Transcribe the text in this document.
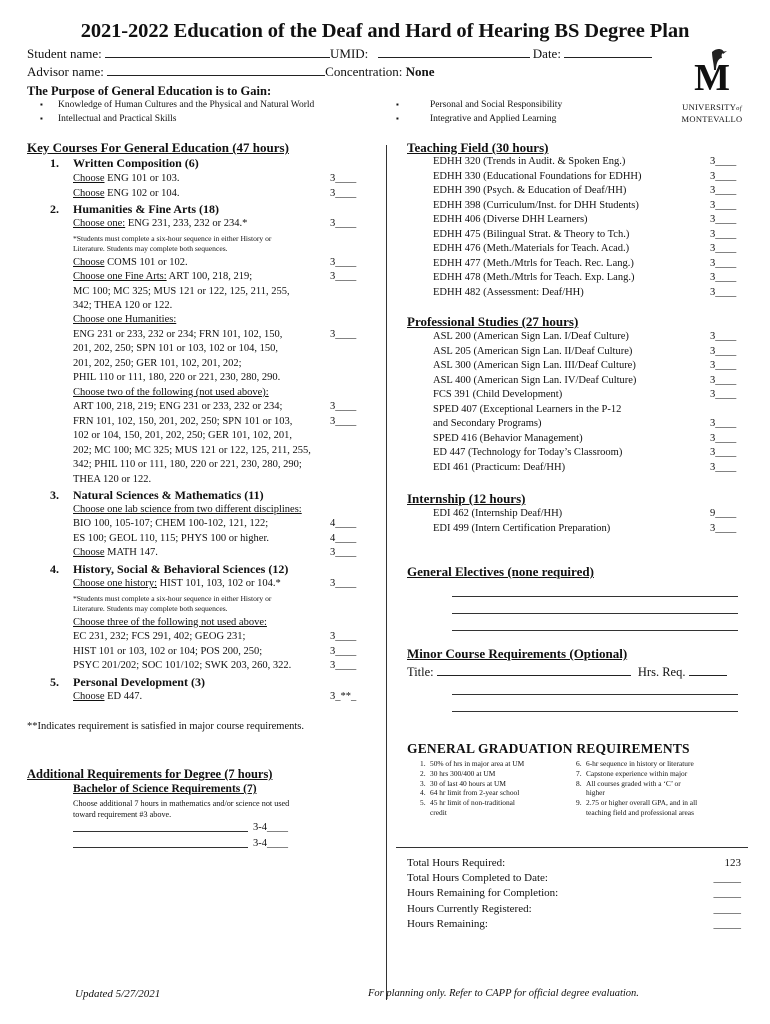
2021-2022 Education of the Deaf and Hard of Hearing BS Degree Plan
Student name:	UMID:	Date:
Advisor name:	Concentration: None	M
UNIVERSITYof
MONTEVALLO
The Purpose of General Education is to Gain:
▪ Knowledge of Human Cultures and the Physical and Natural World
▪ Intellectual and Practical Skills
▪	Personal and Social Responsibility
▪	Integrative and Applied Learning
Key Courses For General Education (47 hours)
1. Written Composition (6)
Choose ENG 101 or 103.	3____
Choose ENG 102 or 104.	3____
2. Humanities & Fine Arts (18)
Choose one: ENG 231, 233, 232 or 234.*	3____
*Students must complete a six-hour sequence in either History or
Literature. Students may complete both sequences.
Choose COMS 101 or 102.	3____
Choose one Fine Arts: ART 100, 218, 219;	3____
MC 100; MC 325; MUS 121 or 122, 125, 211, 255,
342; THEA 120 or 122.
Choose one Humanities:
ENG 231 or 233, 232 or 234; FRN 101, 102, 150,	3____
201, 202, 250; SPN 101 or 103, 102 or 104, 150,
201, 202, 250; GER 101, 102, 201, 202;
PHIL 110 or 111, 180, 220 or 221, 230, 280, 290.
Choose two of the following (not used above):
ART 100, 218, 219; ENG 231 or 233, 232 or 234;	3____
FRN 101, 102, 150, 201, 202, 250; SPN 101 or 103,	3____
102 or 104, 150, 201, 202, 250; GER 101, 102, 201,
202; MC 100; MC 325; MUS 121 or 122, 125, 211, 255,
342; PHIL 110 or 111, 180, 220 or 221, 230, 280, 290;
THEA 120 or 122.
3. Natural Sciences & Mathematics (11)
Choose one lab science from two different disciplines:
BIO 100, 105-107; CHEM 100-102, 121, 122;	4____
ES 100; GEOL 110, 115; PHYS 100 or higher.	4____
Choose MATH 147.	3____
4. History, Social & Behavioral Sciences (12)
Choose one history: HIST 101, 103, 102 or 104.*	3____
*Students must complete a six-hour sequence in either History or
Literature. Students may complete both sequences.
Choose three of the following not used above:
EC 231, 232; FCS 291, 402; GEOG 231;	3____
HIST 101 or 103, 102 or 104; POS 200, 250;	3____
PSYC 201/202; SOC 101/102; SWK 203, 260, 322.	3____
5. Personal Development (3)
Choose ED 447.	3_**_
**Indicates requirement is satisfied in major course requirements.
Additional Requirements for Degree (7 hours)
Bachelor of Science Requirements (7)
Choose additional 7 hours in mathematics and/or science not used
toward requirement #3 above.
3-4____
3-4____
Teaching Field (30 hours)
EDHH 320 (Trends in Audit. & Spoken Eng.)	3____
EDHH 330 (Educational Foundations for EDHH)	3____
EDHH 390 (Psych. & Education of Deaf/HH)	3____
EDHH 398 (Curriculum/Inst. for DHH Students)	3____
EDHH 406 (Diverse DHH Learners)	3____
EDHH 475 (Bilingual Strat. & Theory to Tch.)	3____
EDHH 476 (Meth./Materials for Teach. Acad.)	3____
EDHH 477 (Meth./Mtrls for Teach. Rec. Lang.)	3____
EDHH 478 (Meth./Mtrls for Teach. Exp. Lang.)	3____
EDHH 482 (Assessment: Deaf/HH)	3____
Professional Studies (27 hours)
ASL 200 (American Sign Lan. I/Deaf Culture)	3____
ASL 205 (American Sign Lan. II/Deaf Culture)	3____
ASL 300 (American Sign Lan. III/Deaf Culture)	3____
ASL 400 (American Sign Lan. IV/Deaf Culture)	3____
FCS 391 (Child Development)	3____
SPED 407 (Exceptional Learners in the P-12
and Secondary Programs)	3____
SPED 416 (Behavior Management)	3____
ED 447 (Technology for Today’s Classroom)	3____
EDI 461 (Practicum: Deaf/HH)	3____
Internship (12 hours)
EDI 462 (Internship Deaf/HH)	9____
EDI 499 (Intern Certification Preparation)	3____
General Electives (none required)
Minor Course Requirements (Optional)
Title:	Hrs. Req.
GENERAL GRADUATION REQUIREMENTS
1. 50% of hrs in major area at UM
2. 30 hrs 300/400 at UM
3. 30 of last 40 hours at UM
4. 64 hr limit from 2-year school
5. 45 hr limit of non-traditional
credit
6. 6-hr sequence in history or literature
7. Capstone experience within major
8. All courses graded with a ‘C’ or
higher
9. 2.75 or higher overall GPA, and in all
teaching field and professional areas
Total Hours Required:	123
Total Hours Completed to Date:	_____
Hours Remaining for Completion:	_____
Hours Currently Registered:	_____
Hours Remaining:	_____
Updated 5/27/2021	For planning only. Refer to CAPP for official degree evaluation.
